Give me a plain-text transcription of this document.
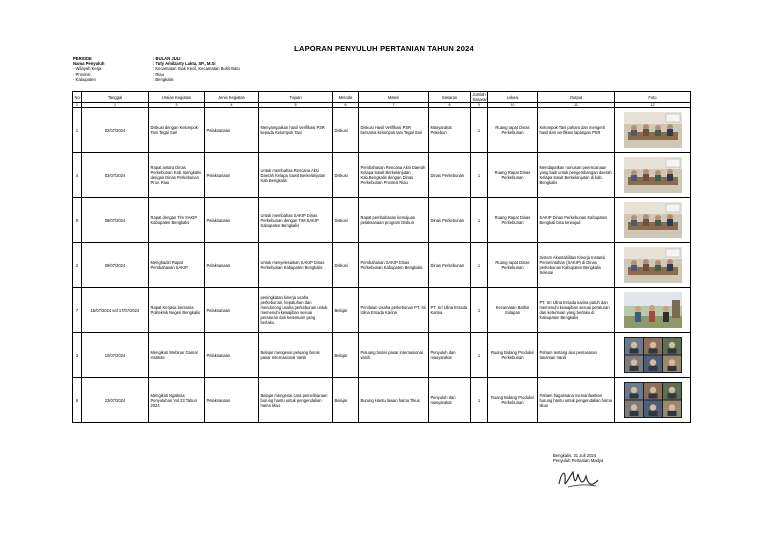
LAPORAN PENYULUH PERTANIAN TAHUN 2024
PERIODE	: BULAN JULI
Nama Penyuluh	: Tuty Amilzarty Lakta, SP., M.Si
- Wilayah Kerja	: Kecamatan Siak Kecil, Kecamatan Bukit Batu
- Provinsi	: Riau
- Kabupaten	: Bengkalis
No	Tanggal	Uraian Kegiatan	Jenis Kegiatan	Tujuan	Metode	Materi	Sasaran	Jumlah Sasaran	Lokasi	Output	Foto
1	2	3	4	5	6	7	8	9	10	11	12
1	02/07/2024	Diskusi dengan Kelompok Tani Tegal Sari	Pelaksanaan	Menyampaikan hasil Verifikasi PSR kepada Kelompok Tani	Diskusi	Diskusi Hasil Verifikasi PSR bersama kelompok tani Tegal Sari	Masyarakat Pekebun	1	Ruang rapat Dinas Perkebunan	Kelompok Tani paham dan mengerti hasil dari verifikasi lapangan PSR	

4	02/07/2024	Rapat antara Dinas Perkebunan Kab. Bengkalis dengan Dinas Perkebunan Prov. Riau	Pelaksanaan	Untuk membahas Rencana Aksi Daerah Kelapa Sawit Berkelanjutan Kab.Bengkalis	Diskusi	Pembahasan Rencana Aksi Daerah Kelapa Sawit Berkelanjutan Kab.Bengkalis dengan Dinas Perkebunan Provinsi Riau	Dinas Perkebunan	1	Ruang Rapat Dinas Perkebunan	Mendapatkan rumusan perencanaan yang baik untuk pengembangan daerah Kelapa Sawit Berkelanjutan di kab. Bengkalis	

5	08/07/2024	Rapat dengan Tim SAKIP Kabupaten Bengkalis	Pelaksanaan	Untuk membahas SAKIP Dinas Perkebunan dengan TIM SAKIP Kabupaten Bengkalis	Diskusi	Rapat pembahasan kemajuan pelaksanaan program Disbun	Dinas Perkebunan	1	Ruang Rapat Dinas Perkebunan	SAKIP Dinas Perkebunan Kabupaten Bengkali bisa terwujud	

2	09/07/2024	Menghadiri Rapat Pembahasan SAKIP	Pelaksanaan	Untuk menyelesaikan SAKIP Dinas Perkebunan Kabupaten Bengkalis	Diskusi	Pembahasan SAKIP Dinas Perkebunan Kabupaten Bengkalis	Dinas Perkebunan	1	Ruang rapat Dinas Perkebunan	Sistem Akuntabilitas Kinerja Instansi Pemerintahan (SAKIP) di Dinas perkebunan Kabupaten Bengkalis Selesai	

7	15/07/2024 s/d 17/07/2024	Rapat Kerjasa bersama Politeknik Negeri Bengkalis	Pelaksanaan	peningkatan kinerja usaha perkebunan, kepatuhan dan mendorong usaha perkebunan untuk memenuhi kewajiban sesuai peraturan dan ketentuan yang berlaku.	Belajar	Penilaian Usaha perkebunan PT. Sri Ulina Ersada Karina	PT. Sri Ulina Ersada Karina	1	Kecamatan Bathin Solapan	PT. Sri Ulina Ersada karina patuh dan memenuhi kewajiban sesuai peraturan dan ketentuan yang berlaku di Kabupaten Bengkalis	

3	10/07/2024	Mengikuti Webinar Gamal Institute	Pelaksanaan	Belajar mengenai peluang bisnis pasar Internasional Vanili	Belajar	Peluang bisnis pasar internasional vanili	Penyuluh dan masyarakat	1	Ruang Bidang Produksi Perkebunan	Paham tentang alur pemasaran tanaman Vanili	

6	23/07/2024	Mengikuti Ngabras Penyuluhan Vol 23 Tahun 2024	Pelaksanaan	Belajar mengenai cara pemeliharaan burung hantu untuk pengendalian hama tikus	Belajar	Burung Hantu lawan hama Tikus	Penyuluh dan masyarakat	1	Ruang Bidang Produksi Perkebunan	Paham bagaimana memanfaatkan burung hantu untuk pengendalian hama tikus	
Bengkalis, 31 Juli 2024
Penyuluh Pertanian Madya
